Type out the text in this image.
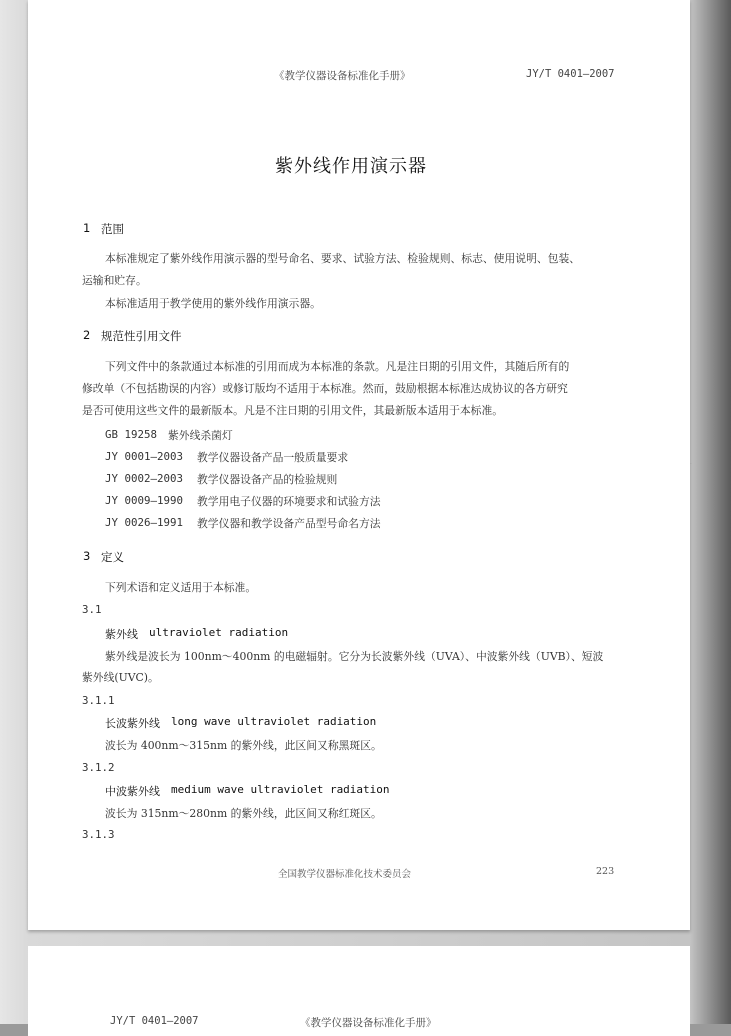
《教学仪器设备标准化手册》	JY/T 0401—2007
紫外线作用演示器
1 范围
本标准规定了紫外线作用演示器的型号命名、要求、试验方法、检验规则、标志、使用说明、包装、
运输和贮存。
本标准适用于教学使用的紫外线作用演示器。
2 规范性引用文件
下列文件中的条款通过本标准的引用而成为本标准的条款。凡是注日期的引用文件，其随后所有的
修改单（不包括勘误的内容）或修订版均不适用于本标准。然而，鼓励根据本标准达成协议的各方研究
是否可使用这些文件的最新版本。凡是不注日期的引用文件，其最新版本适用于本标准。
GB 19258 紫外线杀菌灯
JY 0001—2003 教学仪器设备产品一般质量要求
JY 0002—2003 教学仪器设备产品的检验规则
JY 0009—1990 教学用电子仪器的环境要求和试验方法
JY 0026—1991 教学仪器和教学设备产品型号命名方法
3 定义
下列术语和定义适用于本标准。
3.1
紫外线 ultraviolet radiation
紫外线是波长为 100nm～400nm 的电磁辐射。它分为长波紫外线（UVA）、中波紫外线（UVB）、短波
紫外线(UVC)。
3.1.1
长波紫外线 long wave ultraviolet radiation
波长为 400nm～315nm 的紫外线，此区间又称黑斑区。
3.1.2
中波紫外线 medium wave ultraviolet radiation
波长为 315nm～280nm 的紫外线，此区间又称红斑区。
3.1.3
全国教学仪器标准化技术委员会	223
JY/T 0401—2007	《教学仪器设备标准化手册》
